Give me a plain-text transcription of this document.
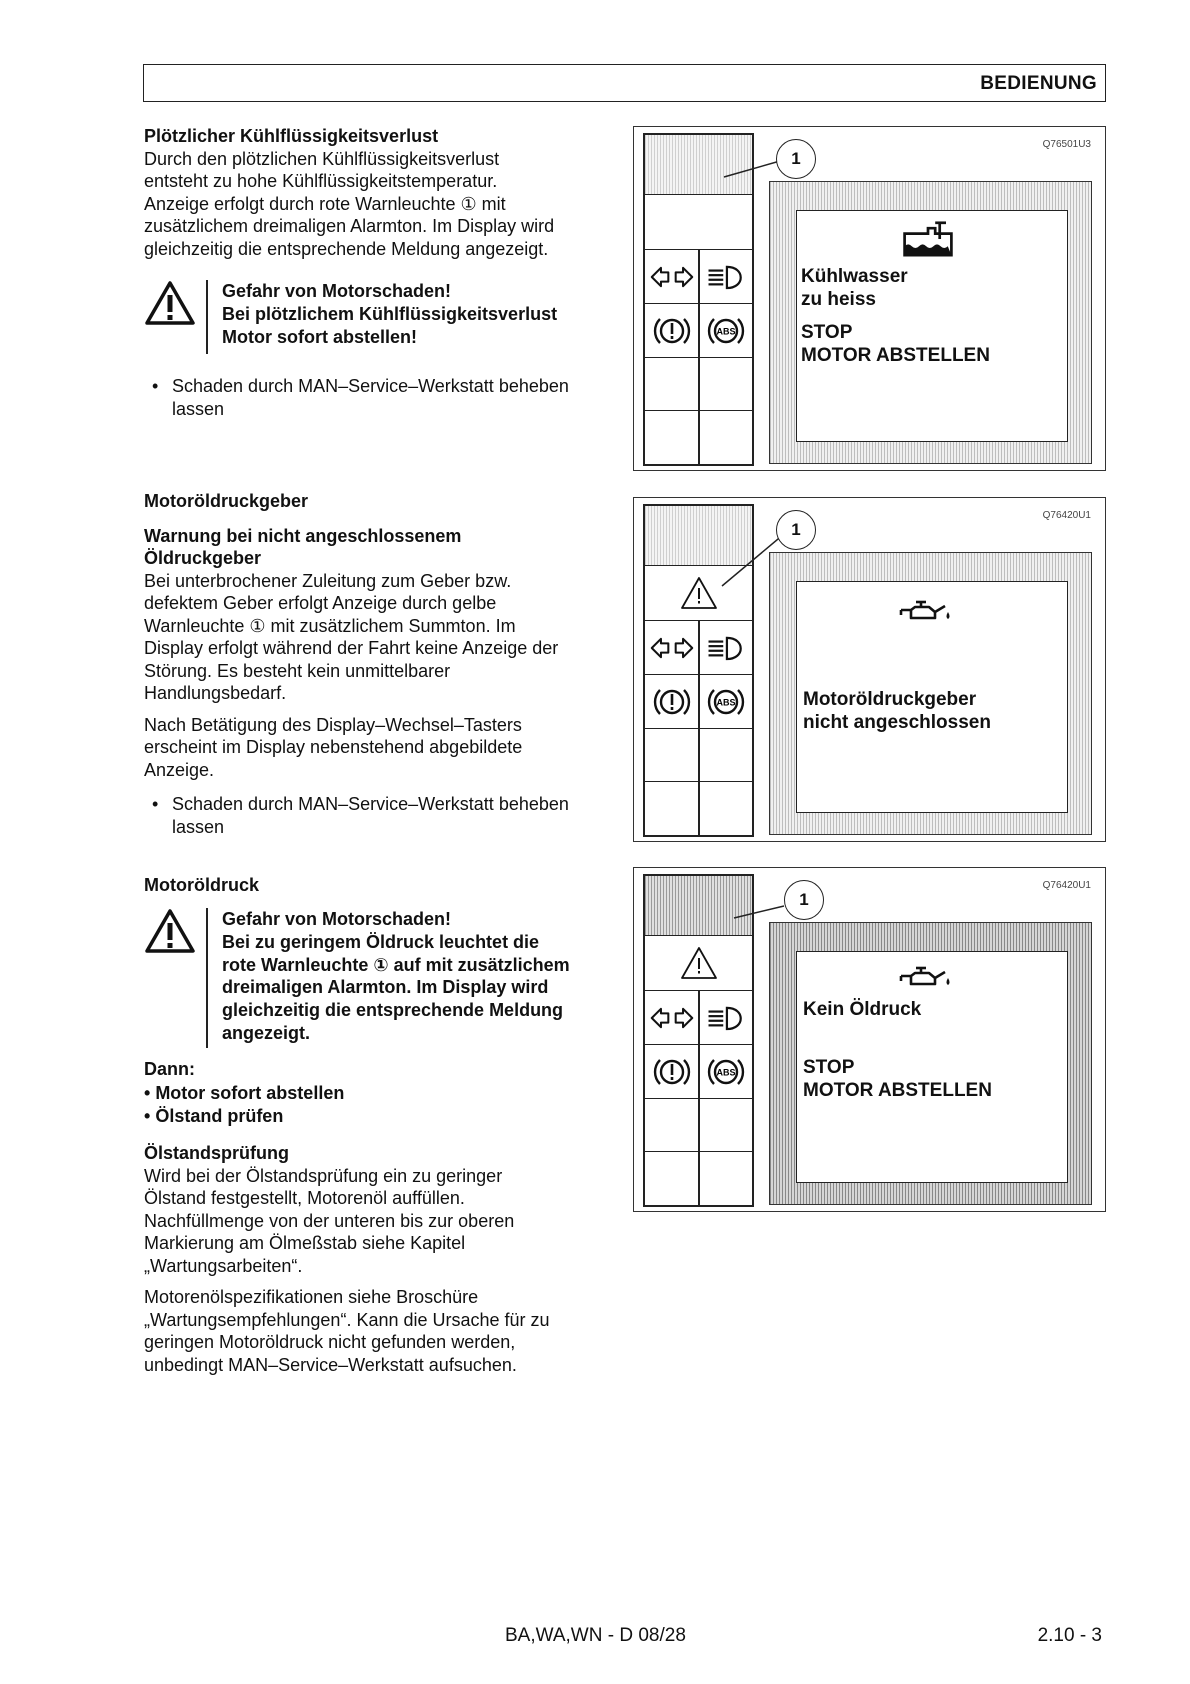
BEDIENUNG
Plötzlicher Kühlflüssigkeitsverlust
Durch den plötzlichen Kühlflüssigkeitsverlust
entsteht zu hohe Kühlflüssigkeitstemperatur.
Anzeige erfolgt durch rote Warnleuchte ① mit
zusätzlichem dreimaligen Alarmton. Im Display wird
gleichzeitig die entsprechende Meldung angezeigt.
Gefahr von Motorschaden!
Bei plötzlichem Kühlflüssigkeitsverlust
Motor sofort abstellen!
• Schaden durch MAN–Service–Werkstatt beheben
lassen
Motoröldruckgeber
Warnung bei nicht angeschlossenem
Öldruckgeber
Bei unterbrochener Zuleitung zum Geber bzw.
defektem Geber erfolgt Anzeige durch gelbe
Warnleuchte ① mit zusätzlichem Summton. Im
Display erfolgt während der Fahrt keine Anzeige der
Störung. Es besteht kein unmittelbarer
Handlungsbedarf.
Nach Betätigung des Display–Wechsel–Tasters
erscheint im Display nebenstehend abgebildete
Anzeige.
• Schaden durch MAN–Service–Werkstatt beheben
lassen
Motoröldruck
Gefahr von Motorschaden!
Bei zu geringem Öldruck leuchtet die
rote Warnleuchte ① auf mit zusätzlichem
dreimaligen Alarmton. Im Display wird
gleichzeitig die entsprechende Meldung
angezeigt.
Dann:
• Motor sofort abstellen
• Ölstand prüfen
Ölstandsprüfung
Wird bei der Ölstandsprüfung ein zu geringer
Ölstand festgestellt, Motorenöl auffüllen.
Nachfüllmenge von der unteren bis zur oberen
Markierung am Ölmeßstab siehe Kapitel
„Wartungsarbeiten“.
Motorenölspezifikationen siehe Broschüre
„Wartungsempfehlungen“. Kann die Ursache für zu
geringen Motoröldruck nicht gefunden werden,
unbedingt MAN–Service–Werkstatt aufsuchen.
Q76501U3
Kühlwasser
zu heiss
STOP
MOTOR ABSTELLEN
1
Q76420U1
Motoröldruckgeber
nicht angeschlossen
1
Q76420U1
Kein Öldruck
STOP
MOTOR ABSTELLEN
1
BA,WA,WN - D 08/28	2.10 - 3
